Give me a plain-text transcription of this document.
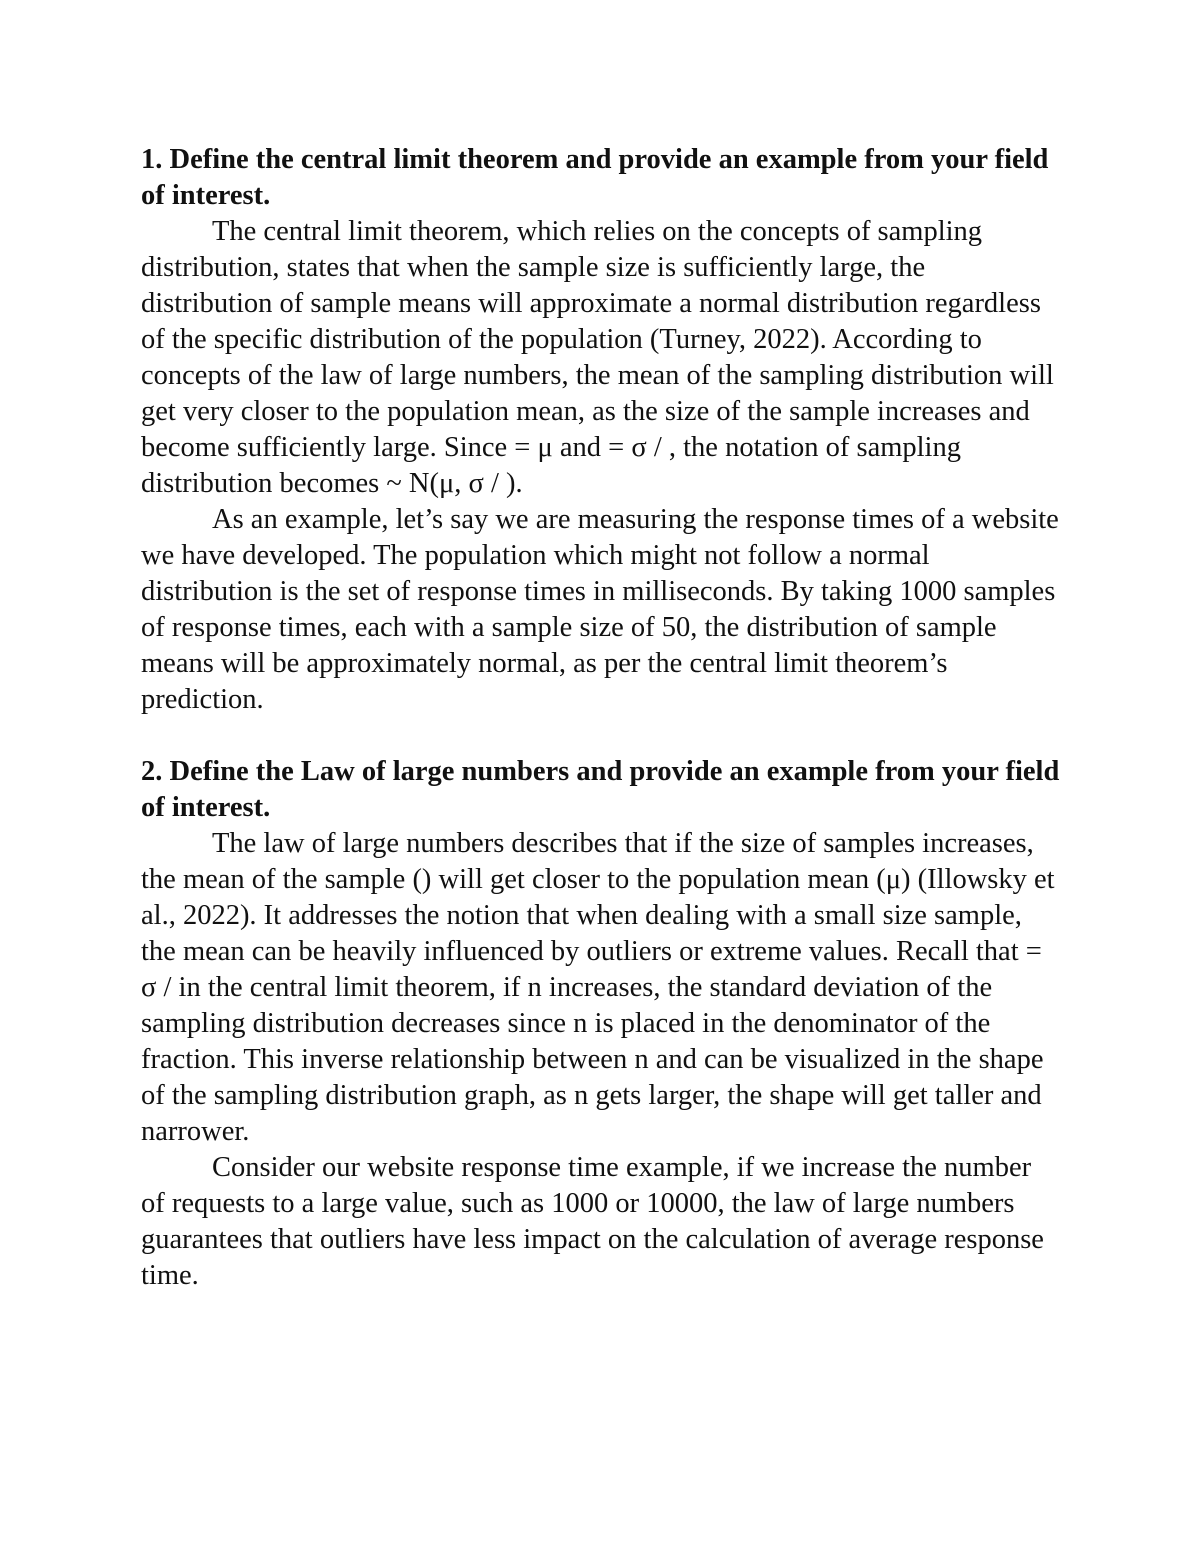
1. Define the central limit theorem and provide an example from your field of interest.

The central limit theorem, which relies on the concepts of sampling distribution, states that when the sample size is sufficiently large, the distribution of sample means will approximate a normal distribution regardless of the specific distribution of the population (Turney, 2022). According to concepts of the law of large numbers, the mean of the sampling distribution will get very closer to the population mean, as the size of the sample increases and become sufficiently large. Since = μ and = σ / , the notation of sampling distribution becomes ~ N(μ, σ / ).

As an example, let’s say we are measuring the response times of a website we have developed. The population which might not follow a normal distribution is the set of response times in milliseconds. By taking 1000 samples of response times, each with a sample size of 50, the distribution of sample means will be approximately normal, as per the central limit theorem’s prediction.

2. Define the Law of large numbers and provide an example from your field of interest.

The law of large numbers describes that if the size of samples increases, the mean of the sample () will get closer to the population mean (μ) (Illowsky et al., 2022). It addresses the notion that when dealing with a small size sample, the mean can be heavily influenced by outliers or extreme values. Recall that = σ / in the central limit theorem, if n increases, the standard deviation of the sampling distribution decreases since n is placed in the denominator of the fraction. This inverse relationship between n and can be visualized in the shape of the sampling distribution graph, as n gets larger, the shape will get taller and narrower.

Consider our website response time example, if we increase the number of requests to a large value, such as 1000 or 10000, the law of large numbers guarantees that outliers have less impact on the calculation of average response time.
